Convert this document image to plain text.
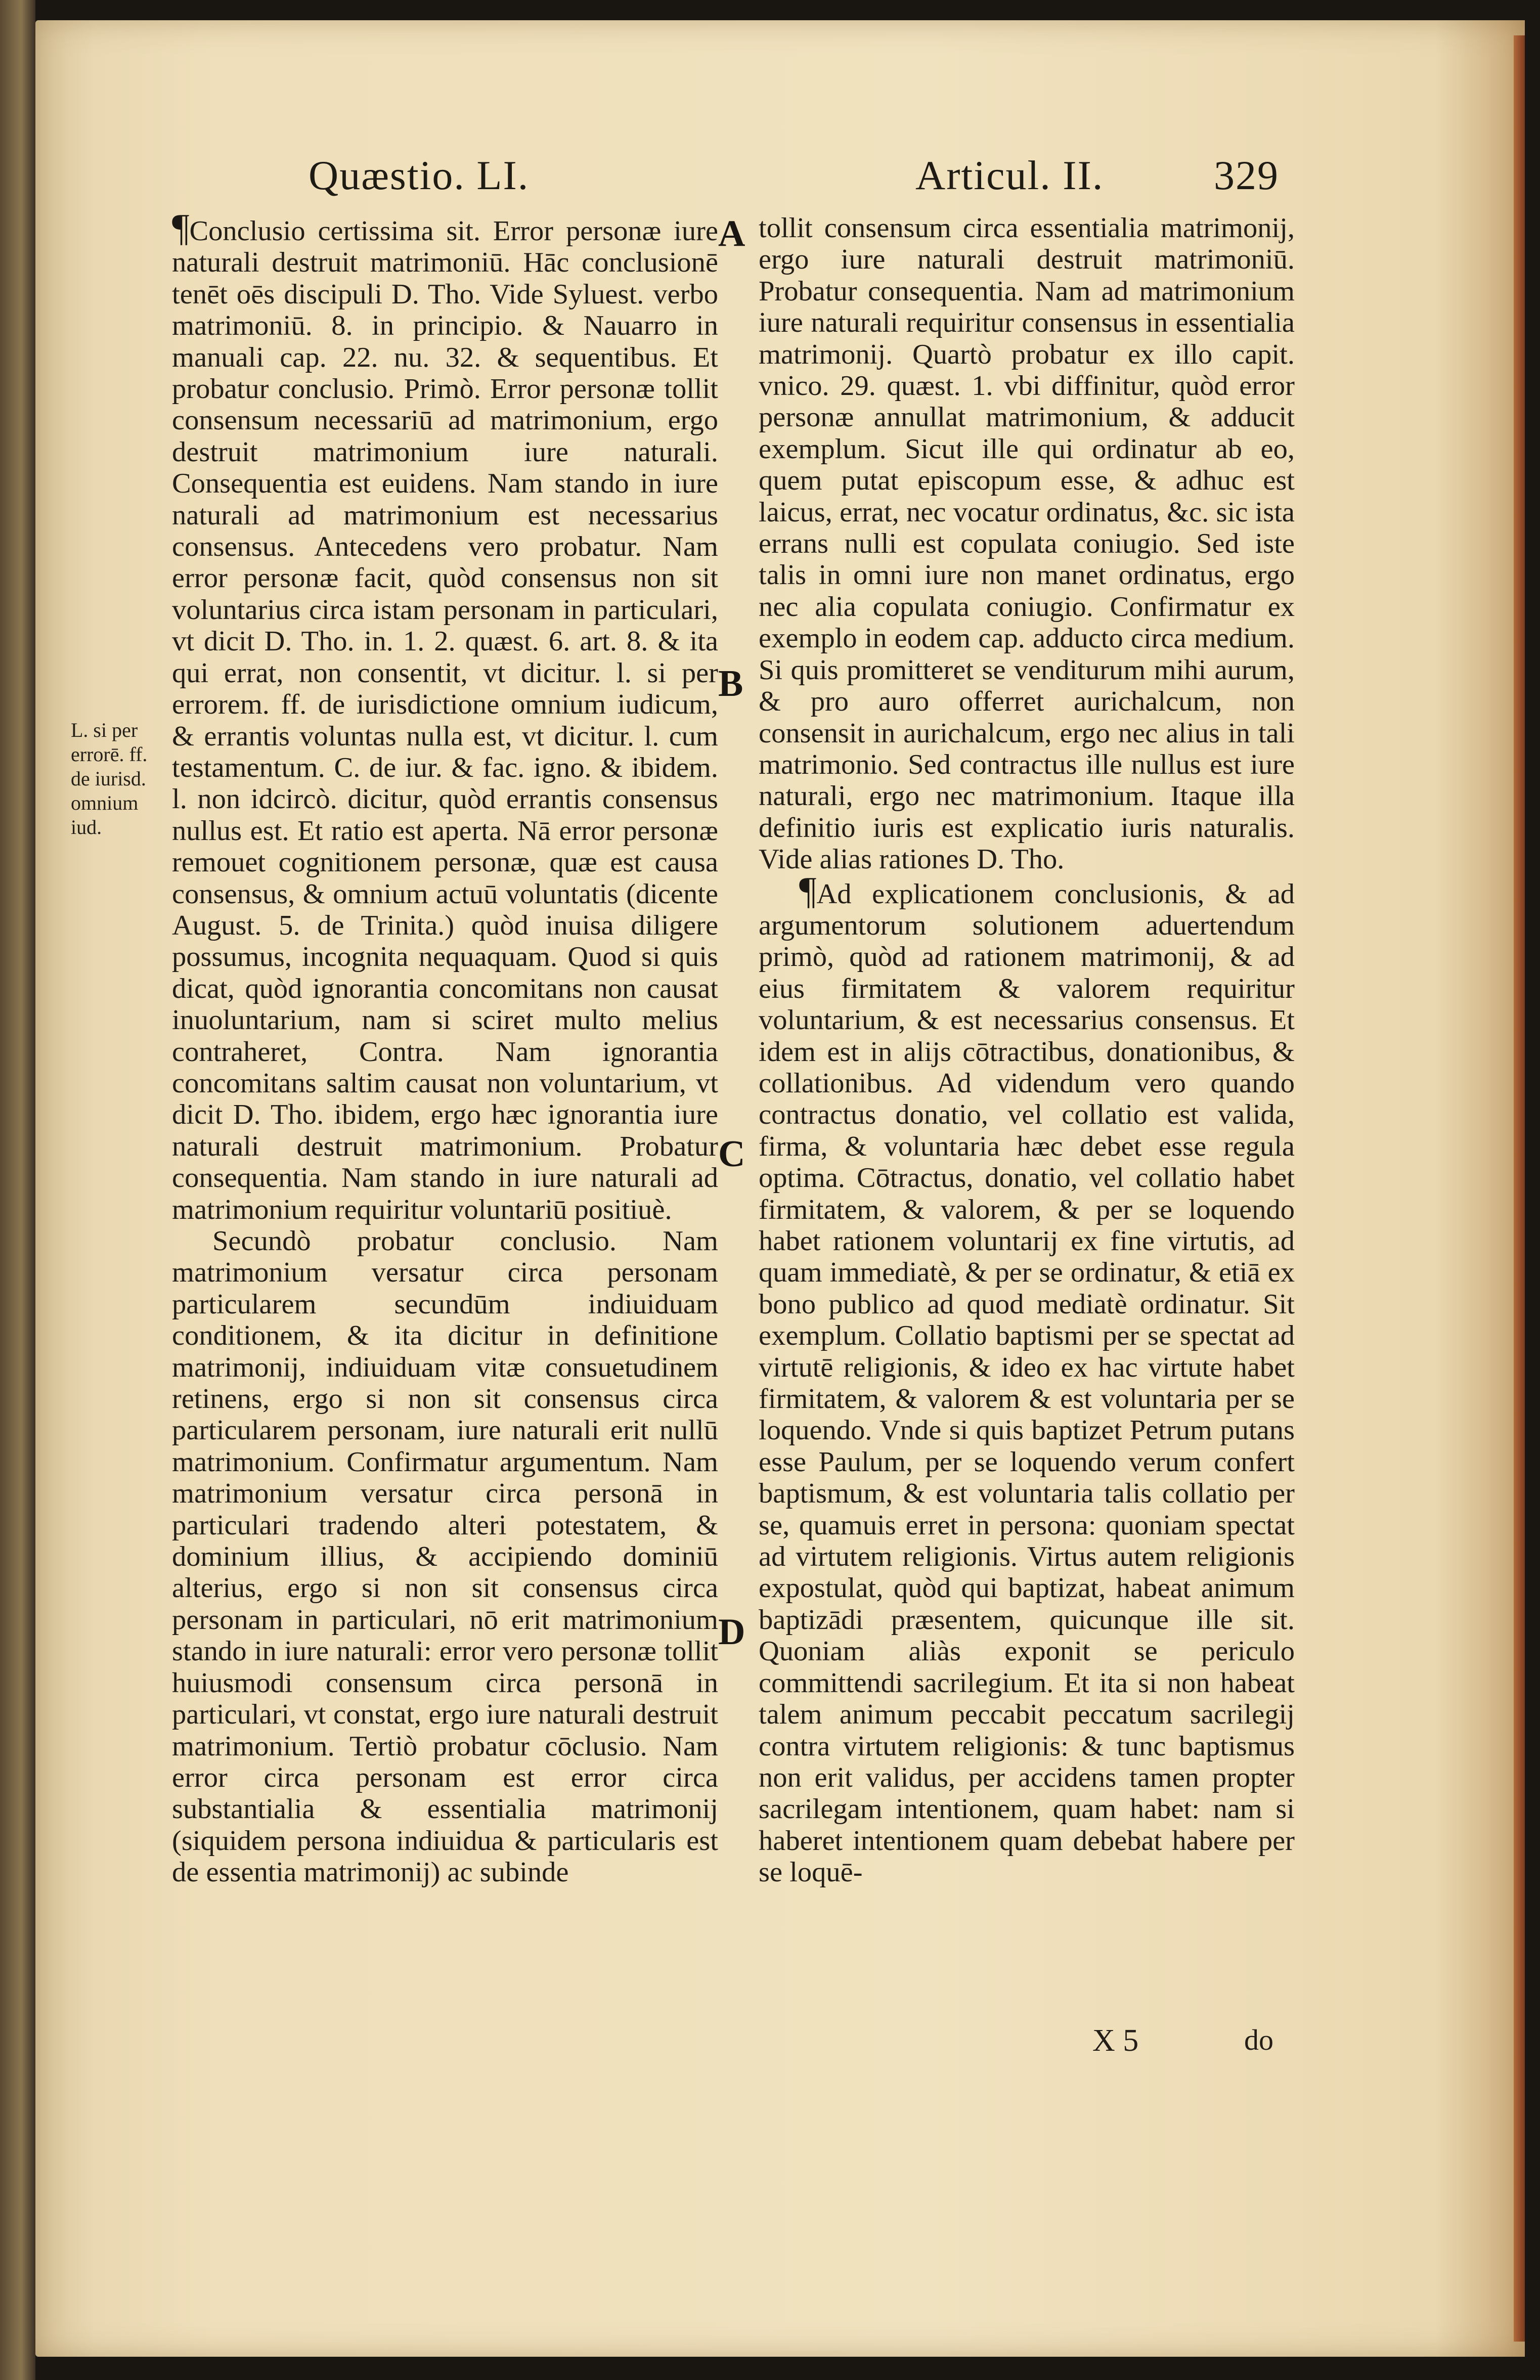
Quæstio. LI.	Articul. II.	329
L. si per errorē. ff. de iurisd. omnium iud.

¶Conclusio certissima sit. Error personæ iure naturali destruit matrimoniū. Hāc conclusionē tenēt oēs discipuli D. Tho. Vide Syluest. verbo matrimoniū. 8. in principio. & Nauarro in manuali cap. 22. nu. 32. & sequentibus. Et probatur conclusio. Primò. Error personæ tollit consensum necessariū ad matrimonium, ergo destruit matrimonium iure naturali. Consequentia est euidens. Nam stando in iure naturali ad matrimonium est necessarius consensus. Antecedens vero probatur. Nam error personæ facit, quòd consensus non sit voluntarius circa istam personam in particulari, vt dicit D. Tho. in. 1. 2. quæst. 6. art. 8. & ita qui errat, non consentit, vt dicitur. l. si per errorem. ff. de iurisdictione omnium iudicum, & errantis voluntas nulla est, vt dicitur. l. cum testamentum. C. de iur. & fac. igno. & ibidem. l. non idcircò. dicitur, quòd errantis consensus nullus est. Et ratio est aperta. Nā error personæ remouet cognitionem personæ, quæ est causa consensus, & omnium actuū voluntatis (dicente August. 5. de Trinita.) quòd inuisa diligere possumus, incognita nequaquam. Quod si quis dicat, quòd ignorantia concomitans non causat inuoluntarium, nam si sciret multo melius contraheret, Contra. Nam ignorantia concomitans saltim causat non voluntarium, vt dicit D. Tho. ibidem, ergo hæc ignorantia iure naturali destruit matrimonium. Probatur consequentia. Nam stando in iure naturali ad matrimonium requiritur voluntariū positiuè.

Secundò probatur conclusio. Nam matrimonium versatur circa personam particularem secundūm indiuiduam conditionem, & ita dicitur in definitione matrimonij, indiuiduam vitæ consuetudinem retinens, ergo si non sit consensus circa particularem personam, iure naturali erit nullū matrimonium. Confirmatur argumentum. Nam matrimonium versatur circa personā in particulari tradendo alteri potestatem, & dominium illius, & accipiendo dominiū alterius, ergo si non sit consensus circa personam in particulari, nō erit matrimonium stando in iure naturali: error vero personæ tollit huiusmodi consensum circa personā in particulari, vt constat, ergo iure naturali destruit matrimonium. Tertiò probatur cōclusio. Nam error circa personam est error circa substantialia & essentialia matrimonij (siquidem persona indiuidua & particularis est de essentia matrimonij) ac subinde

A
B
C
D

tollit consensum circa essentialia matrimonij, ergo iure naturali destruit matrimoniū. Probatur consequentia. Nam ad matrimonium iure naturali requiritur consensus in essentialia matrimonij. Quartò probatur ex illo capit. vnico. 29. quæst. 1. vbi diffinitur, quòd error personæ annullat matrimonium, & adducit exemplum. Sicut ille qui ordinatur ab eo, quem putat episcopum esse, & adhuc est laicus, errat, nec vocatur ordinatus, &c. sic ista errans nulli est copulata coniugio. Sed iste talis in omni iure non manet ordinatus, ergo nec alia copulata coniugio. Confirmatur ex exemplo in eodem cap. adducto circa medium. Si quis promitteret se venditurum mihi aurum, & pro auro offerret aurichalcum, non consensit in aurichalcum, ergo nec alius in tali matrimonio. Sed contractus ille nullus est iure naturali, ergo nec matrimonium. Itaque illa definitio iuris est explicatio iuris naturalis. Vide alias rationes D. Tho.

¶Ad explicationem conclusionis, & ad argumentorum solutionem aduertendum primò, quòd ad rationem matrimonij, & ad eius firmitatem & valorem requiritur voluntarium, & est necessarius consensus. Et idem est in alijs cōtractibus, donationibus, & collationibus. Ad videndum vero quando contractus donatio, vel collatio est valida, firma, & voluntaria hæc debet esse regula optima. Cōtractus, donatio, vel collatio habet firmitatem, & valorem, & per se loquendo habet rationem voluntarij ex fine virtutis, ad quam immediatè, & per se ordinatur, & etiā ex bono publico ad quod mediatè ordinatur. Sit exemplum. Collatio baptismi per se spectat ad virtutē religionis, & ideo ex hac virtute habet firmitatem, & valorem & est voluntaria per se loquendo. Vnde si quis baptizet Petrum putans esse Paulum, per se loquendo verum confert baptismum, & est voluntaria talis collatio per se, quamuis erret in persona: quoniam spectat ad virtutem religionis. Virtus autem religionis expostulat, quòd qui baptizat, habeat animum baptizādi præsentem, quicunque ille sit. Quoniam aliàs exponit se periculo committendi sacrilegium. Et ita si non habeat talem animum peccabit peccatum sacrilegij contra virtutem religionis: & tunc baptismus non erit validus, per accidens tamen propter sacrilegam intentionem, quam habet: nam si haberet intentionem quam debebat habere per se loquē-

X 5	do
